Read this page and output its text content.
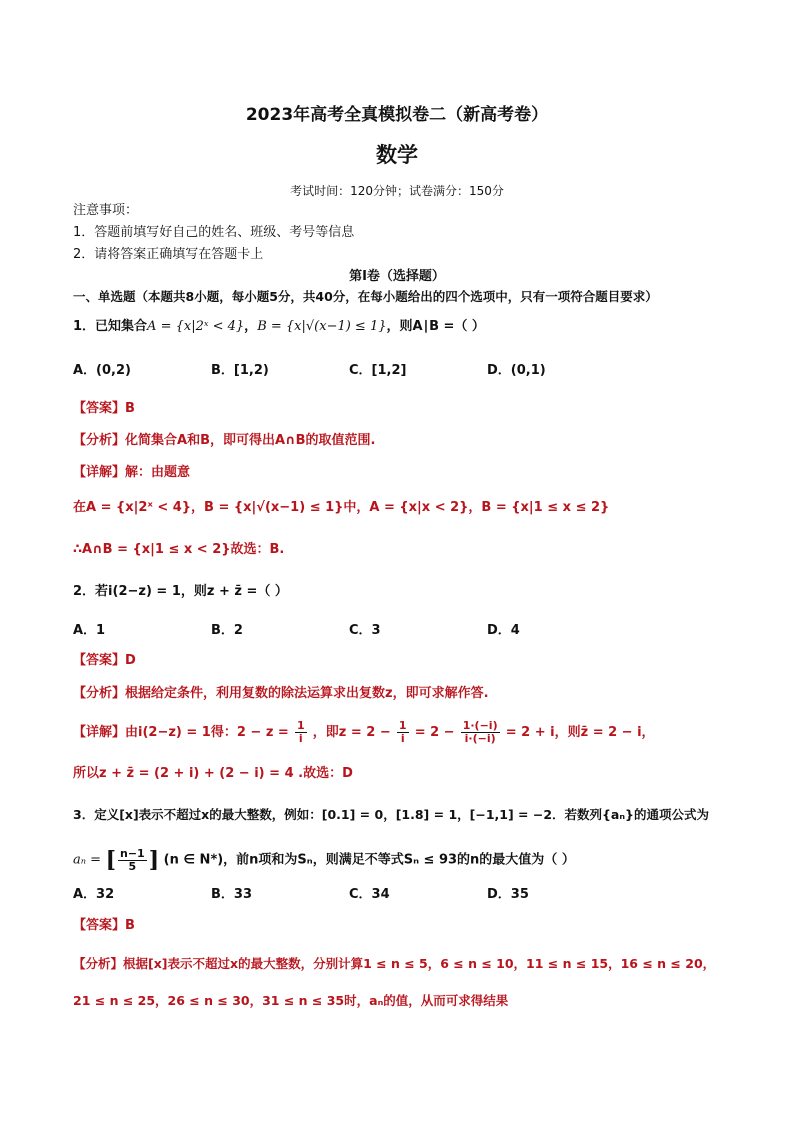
2023年高考全真模拟卷二（新高考卷）
数学
考试时间：120分钟；试卷满分：150分
注意事项：
1．答题前填写好自己的姓名、班级、考号等信息
2．请将答案正确填写在答题卡上
第I卷（选择题）
一、单选题（本题共8小题，每小题5分，共40分，在每小题给出的四个选项中，只有一项符合题目要求）
1．已知集合A = {x|2ˣ < 4}，B = {x|√(x−1) ≤ 1}，则A∣B =（ ）
A．(0,2)	B．[1,2)	C．[1,2]	D．(0,1)
【答案】B
【分析】化简集合A和B，即可得出A∩B的取值范围.
【详解】解：由题意
在A = {x|2ˣ < 4}，B = {x|√(x−1) ≤ 1}中，A = {x|x < 2}，B = {x|1 ≤ x ≤ 2}
∴A∩B = {x|1 ≤ x < 2}故选：B.
2．若i(2−z) = 1，则z + z̄ =（ ）
A．1	B．2	C．3	D．4
【答案】D
【分析】根据给定条件，利用复数的除法运算求出复数z，即可求解作答.
【详解】由i(2−z) = 1得：$2 - z = \frac{1}{i}$ ，即$z = 2 - \frac{1}{i} = 2 - \frac{1\cdot(-i)}{i\cdot(-i)} = 2 + i$，则z̄ = 2 − i，
所以z + z̄ = (2 + i) + (2 − i) = 4 .故选：D
3．定义[x]表示不超过x的最大整数，例如：[0.1] = 0，[1.8] = 1，[−1,1] = −2．若数列{aₙ}的通项公式为
aₙ = [ $\frac{n-1}{5}$ ] (n ∈ N*)，前n项和为Sₙ，则满足不等式Sₙ ≤ 93的n的最大值为（ ）
A．32	B．33	C．34	D．35
【答案】B
【分析】根据[x]表示不超过x的最大整数，分别计算1 ≤ n ≤ 5，6 ≤ n ≤ 10，11 ≤ n ≤ 15，16 ≤ n ≤ 20，
21 ≤ n ≤ 25，26 ≤ n ≤ 30，31 ≤ n ≤ 35时，aₙ的值，从而可求得结果
